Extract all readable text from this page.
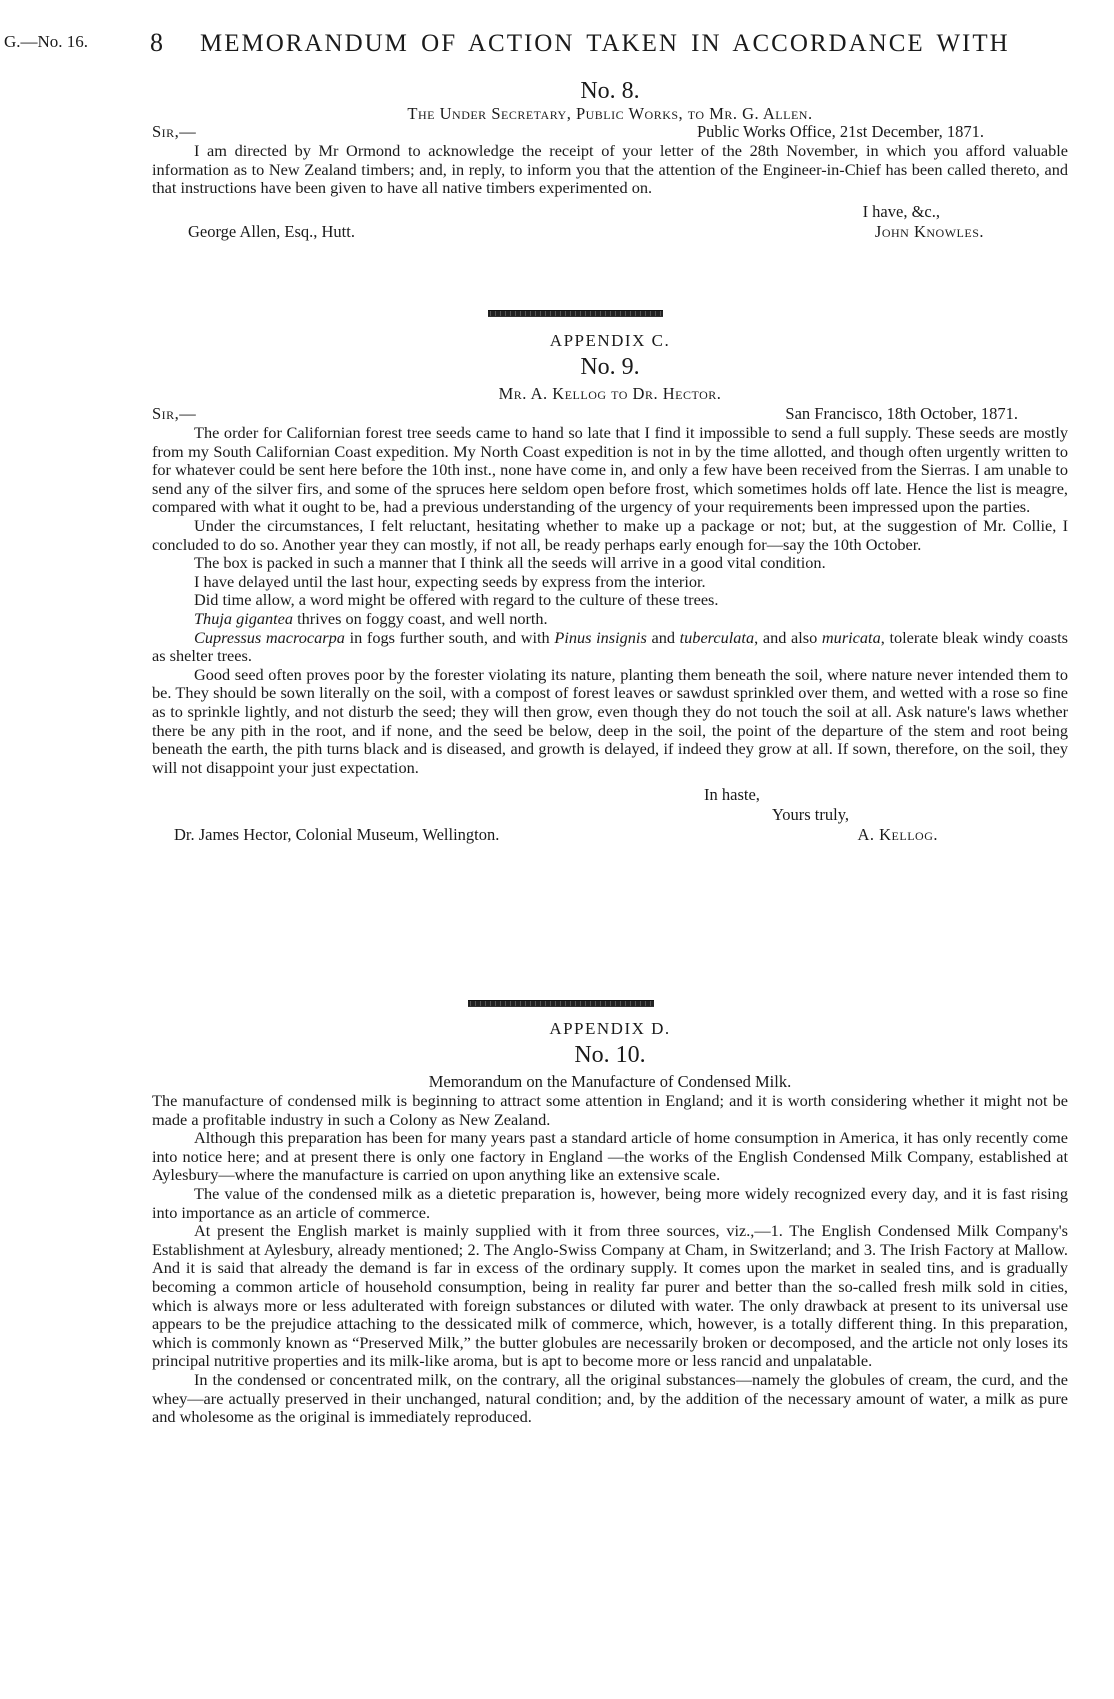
G.—No. 16. 8 MEMORANDUM OF ACTION TAKEN IN ACCORDANCE WITH
No. 8.
The Under Secretary, Public Works, to Mr. G. Allen.
Sir,—	Public Works Office, 21st December, 1871.

I am directed by Mr Ormond to acknowledge the receipt of your letter of the 28th November, in which you afford valuable information as to New Zealand timbers; and, in reply, to inform you that the attention of the Engineer-in-Chief has been called thereto, and that instructions have been given to have all native timbers experimented on.

I have, &c.,
George Allen, Esq., Hutt.	John Knowles.
APPENDIX C.
No. 9.
Mr. A. Kellog to Dr. Hector.
Sir,—	San Francisco, 18th October, 1871.

The order for Californian forest tree seeds came to hand so late that I find it impossible to send a full supply. These seeds are mostly from my South Californian Coast expedition. My North Coast expedition is not in by the time allotted, and though often urgently written to for whatever could be sent here before the 10th inst., none have come in, and only a few have been received from the Sierras. I am unable to send any of the silver firs, and some of the spruces here seldom open before frost, which sometimes holds off late. Hence the list is meagre, compared with what it ought to be, had a previous understanding of the urgency of your requirements been impressed upon the parties.

Under the circumstances, I felt reluctant, hesitating whether to make up a package or not; but, at the suggestion of Mr. Collie, I concluded to do so. Another year they can mostly, if not all, be ready perhaps early enough for—say the 10th October.

The box is packed in such a manner that I think all the seeds will arrive in a good vital condition.

I have delayed until the last hour, expecting seeds by express from the interior.

Did time allow, a word might be offered with regard to the culture of these trees.

Thuja gigantea thrives on foggy coast, and well north.

Cupressus macrocarpa in fogs further south, and with Pinus insignis and tuberculata, and also muricata, tolerate bleak windy coasts as shelter trees.

Good seed often proves poor by the forester violating its nature, planting them beneath the soil, where nature never intended them to be. They should be sown literally on the soil, with a compost of forest leaves or sawdust sprinkled over them, and wetted with a rose so fine as to sprinkle lightly, and not disturb the seed; they will then grow, even though they do not touch the soil at all. Ask nature's laws whether there be any pith in the root, and if none, and the seed be below, deep in the soil, the point of the departure of the stem and root being beneath the earth, the pith turns black and is diseased, and growth is delayed, if indeed they grow at all. If sown, therefore, on the soil, they will not disappoint your just expectation.

In haste,
Yours truly,
Dr. James Hector, Colonial Museum, Wellington.	A. Kellog.
APPENDIX D.
No. 10.
Memorandum on the Manufacture of Condensed Milk.

The manufacture of condensed milk is beginning to attract some attention in England; and it is worth considering whether it might not be made a profitable industry in such a Colony as New Zealand.

Although this preparation has been for many years past a standard article of home consumption in America, it has only recently come into notice here; and at present there is only one factory in England —the works of the English Condensed Milk Company, established at Aylesbury—where the manufacture is carried on upon anything like an extensive scale.

The value of the condensed milk as a dietetic preparation is, however, being more widely recognized every day, and it is fast rising into importance as an article of commerce.

At present the English market is mainly supplied with it from three sources, viz.,—1. The English Condensed Milk Company's Establishment at Aylesbury, already mentioned; 2. The Anglo-Swiss Company at Cham, in Switzerland; and 3. The Irish Factory at Mallow. And it is said that already the demand is far in excess of the ordinary supply. It comes upon the market in sealed tins, and is gradually becoming a common article of household consumption, being in reality far purer and better than the so-called fresh milk sold in cities, which is always more or less adulterated with foreign substances or diluted with water. The only drawback at present to its universal use appears to be the prejudice attaching to the dessicated milk of commerce, which, however, is a totally different thing. In this preparation, which is commonly known as “Preserved Milk,” the butter globules are necessarily broken or decomposed, and the article not only loses its principal nutritive properties and its milk-like aroma, but is apt to become more or less rancid and unpalatable.

In the condensed or concentrated milk, on the contrary, all the original substances—namely the globules of cream, the curd, and the whey—are actually preserved in their unchanged, natural condition; and, by the addition of the necessary amount of water, a milk as pure and wholesome as the original is immediately reproduced.
